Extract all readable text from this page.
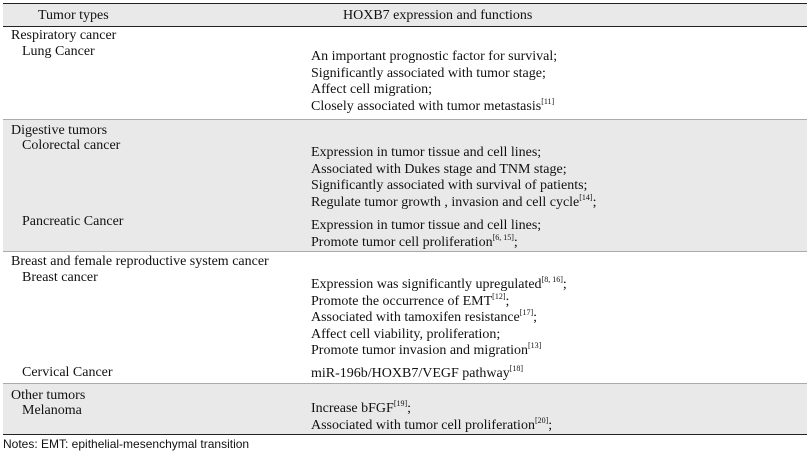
Tumor types	HOXB7 expression and functions
Respiratory cancer
Lung Cancer	An important prognostic factor for survival;
Significantly associated with tumor stage;
Affect cell migration;
Closely associated with tumor metastasis[11]
Digestive tumors
Colorectal cancer	Expression in tumor tissue and cell lines;
Associated with Dukes stage and TNM stage;
Significantly associated with survival of patients;
Regulate tumor growth , invasion and cell cycle[14];
Pancreatic Cancer	Expression in tumor tissue and cell lines;
Promote tumor cell proliferation[6, 15];
Breast and female reproductive system cancer
Breast cancer	Expression was significantly upregulated[8, 16];
Promote the occurrence of EMT[12];
Associated with tamoxifen resistance[17];
Affect cell viability, proliferation;
Promote tumor invasion and migration[13]
Cervical Cancer	miR-196b/HOXB7/VEGF pathway[18]
Other tumors
Melanoma	Increase bFGF[19];
Associated with tumor cell proliferation[20];
Notes: EMT: epithelial-mesenchymal transition
